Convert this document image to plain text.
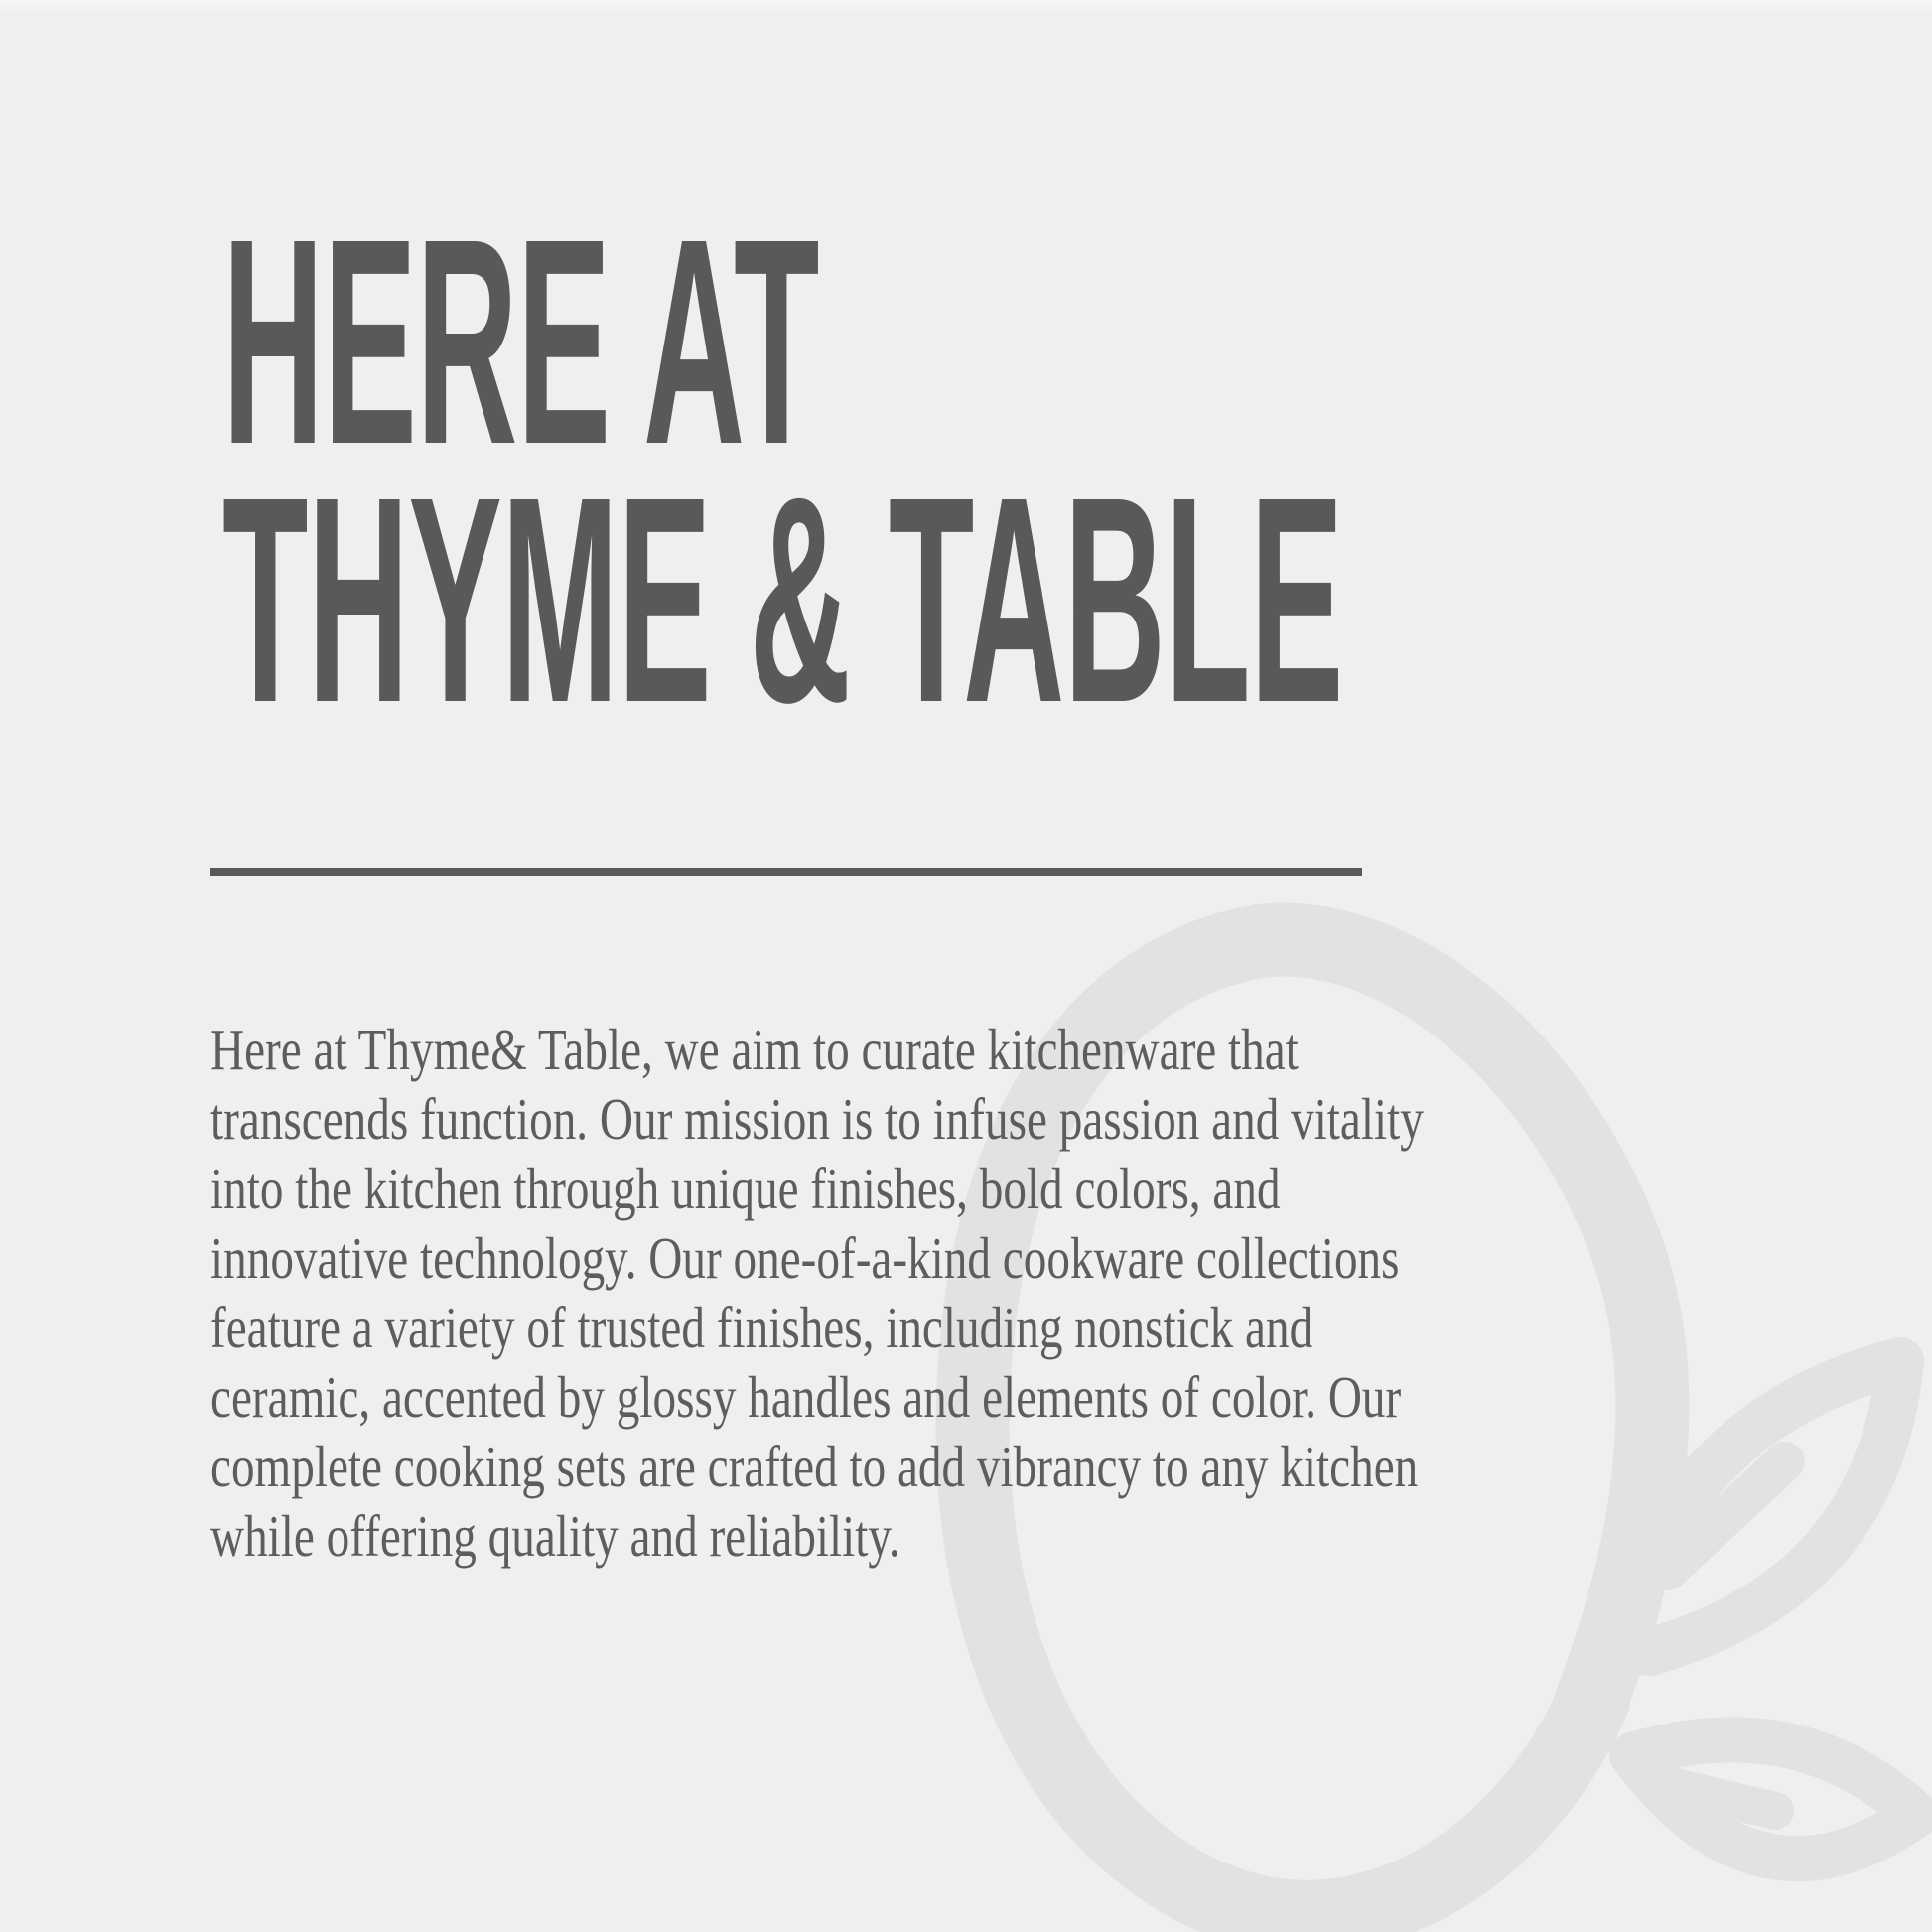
HERE AT
THYME & TABLE
Here at Thyme& Table, we aim to curate kitchenware that
transcends function. Our mission is to infuse passion and vitality
into the kitchen through unique finishes, bold colors, and
innovative technology. Our one-of-a-kind cookware collections
feature a variety of trusted finishes, including nonstick and
ceramic, accented by glossy handles and elements of color. Our
complete cooking sets are crafted to add vibrancy to any kitchen
while offering quality and reliability.
